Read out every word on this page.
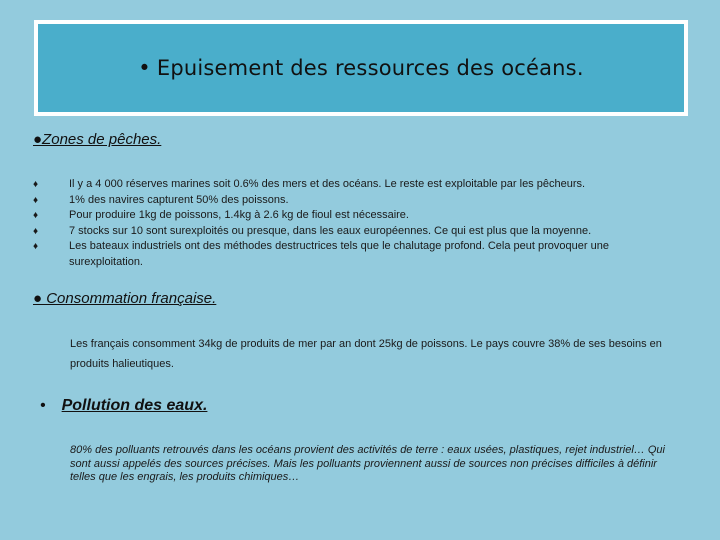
• Epuisement des ressources des océans.
●Zones de pêches.
♦	Il y a 4 000 réserves marines soit 0.6% des mers et des océans. Le reste est exploitable par les pêcheurs.
♦	1% des navires capturent 50% des poissons.
♦	Pour produire 1kg de poissons, 1.4kg à 2.6 kg de fioul est nécessaire.
♦	7 stocks sur 10 sont surexploités ou presque, dans les eaux européennes. Ce qui est plus que la moyenne.
♦	Les bateaux industriels ont des méthodes destructrices tels que le chalutage profond. Cela peut provoquer une surexploitation.
● Consommation française.
Les français consomment 34kg de produits de mer par an dont 25kg de poissons. Le pays couvre 38% de ses besoins en produits halieutiques.
• Pollution des eaux.
80% des polluants retrouvés dans les océans provient des activités de terre : eaux usées, plastiques, rejet industriel… Qui sont aussi appelés des sources précises. Mais les polluants proviennent aussi de sources non précises difficiles à définir telles que les engrais, les produits chimiques…
